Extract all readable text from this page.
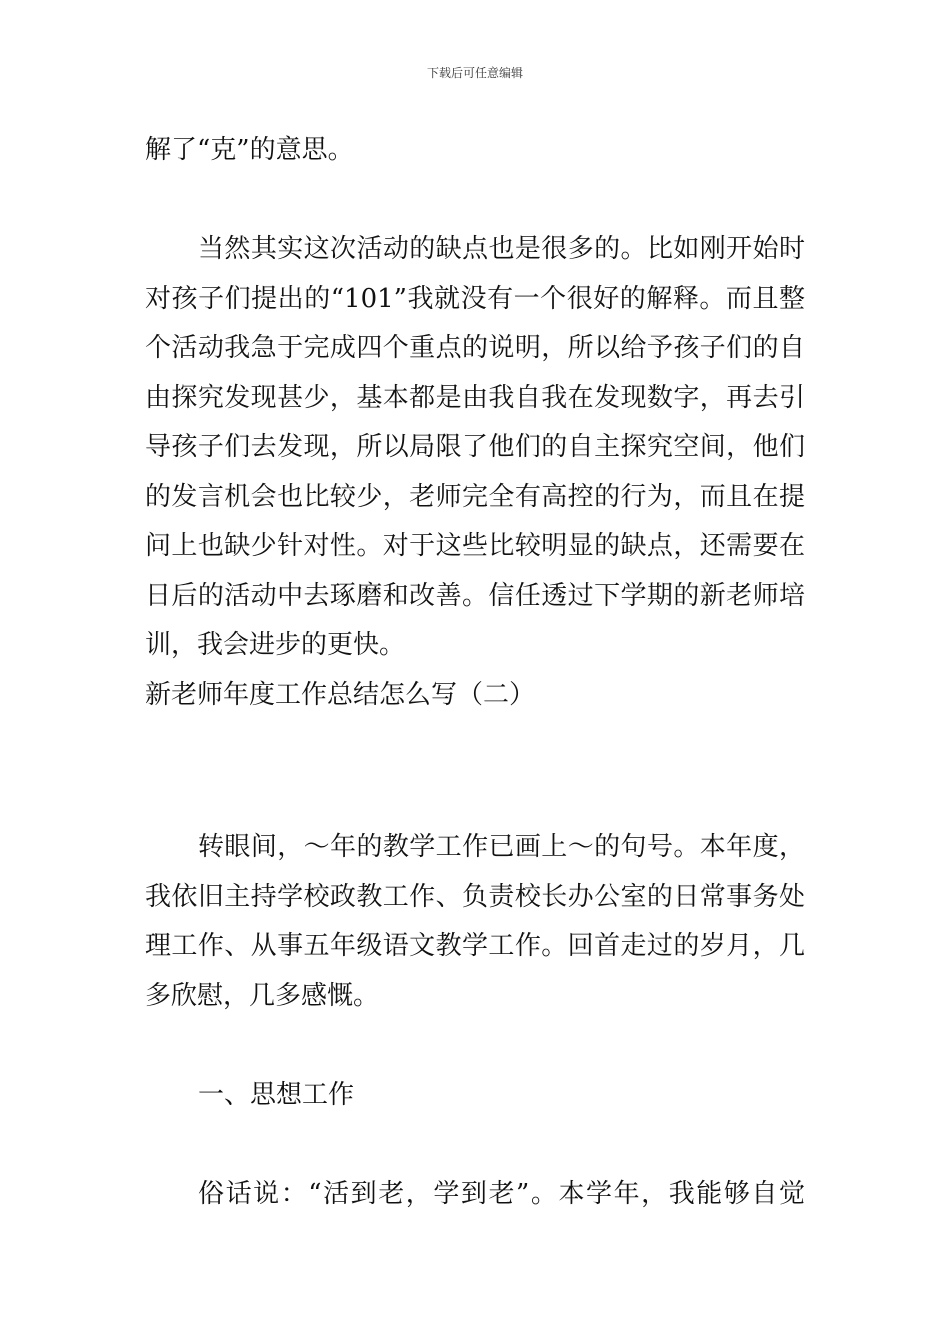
下载后可任意编辑
解了“克”的意思。
当然其实这次活动的缺点也是很多的。比如刚开始时
对孩子们提出的“101”我就没有一个很好的解释。而且整
个活动我急于完成四个重点的说明，所以给予孩子们的自
由探究发现甚少，基本都是由我自我在发现数字，再去引
导孩子们去发现，所以局限了他们的自主探究空间，他们
的发言机会也比较少，老师完全有高控的行为，而且在提
问上也缺少针对性。对于这些比较明显的缺点，还需要在
日后的活动中去琢磨和改善。信任透过下学期的新老师培
训，我会进步的更快。
新老师年度工作总结怎么写（二）
转眼间，～年的教学工作已画上～的句号。本年度，
我依旧主持学校政教工作、负责校长办公室的日常事务处
理工作、从事五年级语文教学工作。回首走过的岁月，几
多欣慰，几多感慨。
一、思想工作
俗话说：“活到老，学到老”。本学年，我能够自觉
